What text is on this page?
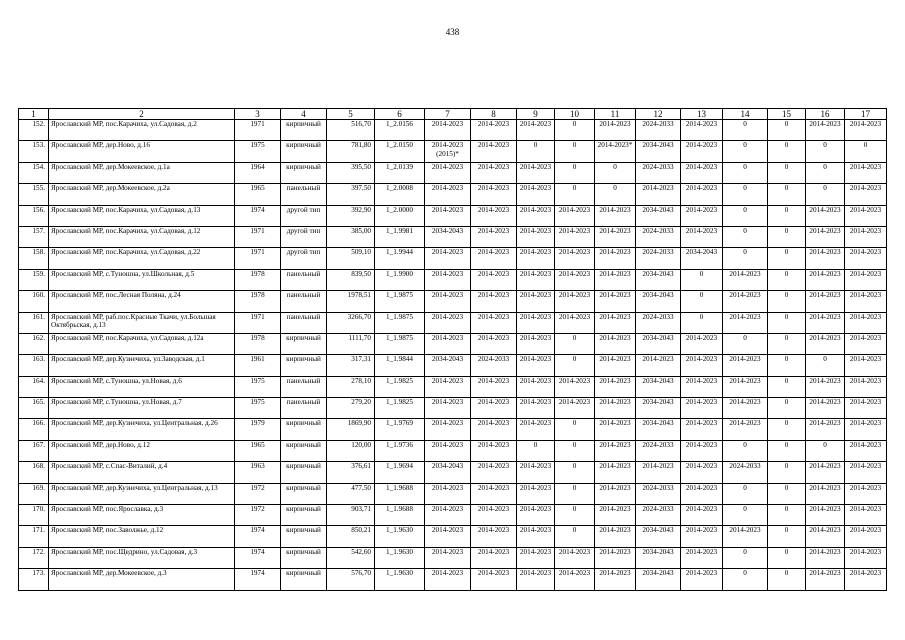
438
1	2	3	4	5	6	7	8	9	10	11	12	13	14	15	16	17
152.	Ярославский МР, пос.Карачиха, ул.Садовая, д.2	1971	кирпичный	516,70	1_2.0156	2014-2023	2014-2023	2014-2023	0	2014-2023	2024-2033	2014-2023	0	0	2014-2023	2014-2023
153.	Ярославский МР, дер.Ново, д.16	1975	кирпичный	781,80	1_2.0150	2014-2023 (2015)*	2014-2023	0	0	2014-2023*	2034-2043	2014-2023	0	0	0	0
154.	Ярославский МР, дер.Мокеевское, д.1а	1964	кирпичный	395,50	1_2.0139	2014-2023	2014-2023	2014-2023	0	0	2024-2033	2014-2023	0	0	0	2014-2023
155.	Ярославский МР, дер.Мокеевское, д.2а	1965	панельный	397,50	1_2.0008	2014-2023	2014-2023	2014-2023	0	0	2014-2023	2014-2023	0	0	0	2014-2023
156.	Ярославский МР, пос.Карачиха, ул.Садовая, д.13	1974	другой тип	392,90	1_2.0000	2014-2023	2014-2023	2014-2023	2014-2023	2014-2023	2034-2043	2014-2023	0	0	2014-2023	2014-2023
157.	Ярославский МР, пос.Карачиха, ул.Садовая, д.12	1971	другой тип	385,00	1_1.9981	2034-2043	2014-2023	2014-2023	2014-2023	2014-2023	2024-2033	2014-2023	0	0	2014-2023	2014-2023
158.	Ярославский МР, пос.Карачиха, ул.Садовая, д.22	1971	другой тип	509,10	1_1.9944	2014-2023	2014-2023	2014-2023	2014-2023	2014-2023	2024-2033	2034-2043	0	0	2014-2023	2014-2023
159.	Ярославский МР, с.Туношна, ул.Школьная, д.5	1978	панельный	839,50	1_1.9900	2014-2023	2014-2023	2014-2023	2014-2023	2014-2023	2034-2043	0	2014-2023	0	2014-2023	2014-2023
160.	Ярославский МР, пос.Лесная Поляна, д.24	1978	панельный	1978,51	1_1.9875	2014-2023	2014-2023	2014-2023	2014-2023	2014-2023	2034-2043	0	2014-2023	0	2014-2023	2014-2023
161.	Ярославский МР, раб.пос.Красные Ткачи, ул.Большая Октябрьская, д.13	1971	панельный	3266,70	1_1.9875	2014-2023	2014-2023	2014-2023	2014-2023	2014-2023	2024-2033	0	2014-2023	0	2014-2023	2014-2023
162.	Ярославский МР, пос.Карачиха, ул.Садовая, д.12а	1978	кирпичный	1111,70	1_1.9875	2014-2023	2014-2023	2014-2023	0	2014-2023	2034-2043	2014-2023	0	0	2014-2023	2014-2023
163.	Ярославский МР, дер.Кузнечиха, ул.Заводская, д.1	1961	кирпичный	317,31	1_1.9844	2034-2043	2024-2033	2014-2023	0	2014-2023	2014-2023	2014-2023	2014-2023	0	0	2014-2023
164.	Ярославский МР, с.Туношна, ул.Новая, д.6	1975	панельный	278,10	1_1.9825	2014-2023	2014-2023	2014-2023	2014-2023	2014-2023	2034-2043	2014-2023	2014-2023	0	2014-2023	2014-2023
165.	Ярославский МР, с.Туношна, ул.Новая, д.7	1975	панельный	279,20	1_1.9825	2014-2023	2014-2023	2014-2023	2014-2023	2014-2023	2034-2043	2014-2023	2014-2023	0	2014-2023	2014-2023
166.	Ярославский МР, дер.Кузнечиха, ул.Центральная, д.26	1979	кирпичный	1869,90	1_1.9769	2014-2023	2014-2023	2014-2023	0	2014-2023	2034-2043	2014-2023	2014-2023	0	2014-2023	2014-2023
167.	Ярославский МР, дер.Ново, д.12	1965	кирпичный	120,00	1_1.9736	2014-2023	2014-2023	0	0	2014-2023	2024-2033	2014-2023	0	0	0	2014-2023
168.	Ярославский МР, с.Спас-Виталий, д.4	1963	кирпичный	376,61	1_1.9694	2034-2043	2014-2023	2014-2023	0	2014-2023	2014-2023	2014-2023	2024-2033	0	2014-2023	2014-2023
169.	Ярославский МР, дер.Кузнечиха, ул.Центральная, д.13	1972	кирпичный	477,50	1_1.9688	2014-2023	2014-2023	2014-2023	0	2014-2023	2024-2033	2014-2023	0	0	2014-2023	2014-2023
170.	Ярославский МР, пос.Ярославка, д.3	1972	кирпичный	903,71	1_1.9688	2014-2023	2014-2023	2014-2023	0	2014-2023	2024-2033	2014-2023	0	0	2014-2023	2014-2023
171.	Ярославский МР, пос.Заволжье, д.12	1974	кирпичный	850,21	1_1.9630	2014-2023	2014-2023	2014-2023	0	2014-2023	2034-2043	2014-2023	2014-2023	0	2014-2023	2014-2023
172.	Ярославский МР, пос.Щедрино, ул.Садовая, д.3	1974	кирпичный	542,60	1_1.9630	2014-2023	2014-2023	2014-2023	2014-2023	2014-2023	2034-2043	2014-2023	0	0	2014-2023	2014-2023
173.	Ярославский МР, дер.Мокеевское, д.3	1974	кирпичный	576,70	1_1.9630	2014-2023	2014-2023	2014-2023	2014-2023	2014-2023	2034-2043	2014-2023	0	0	2014-2023	2014-2023
